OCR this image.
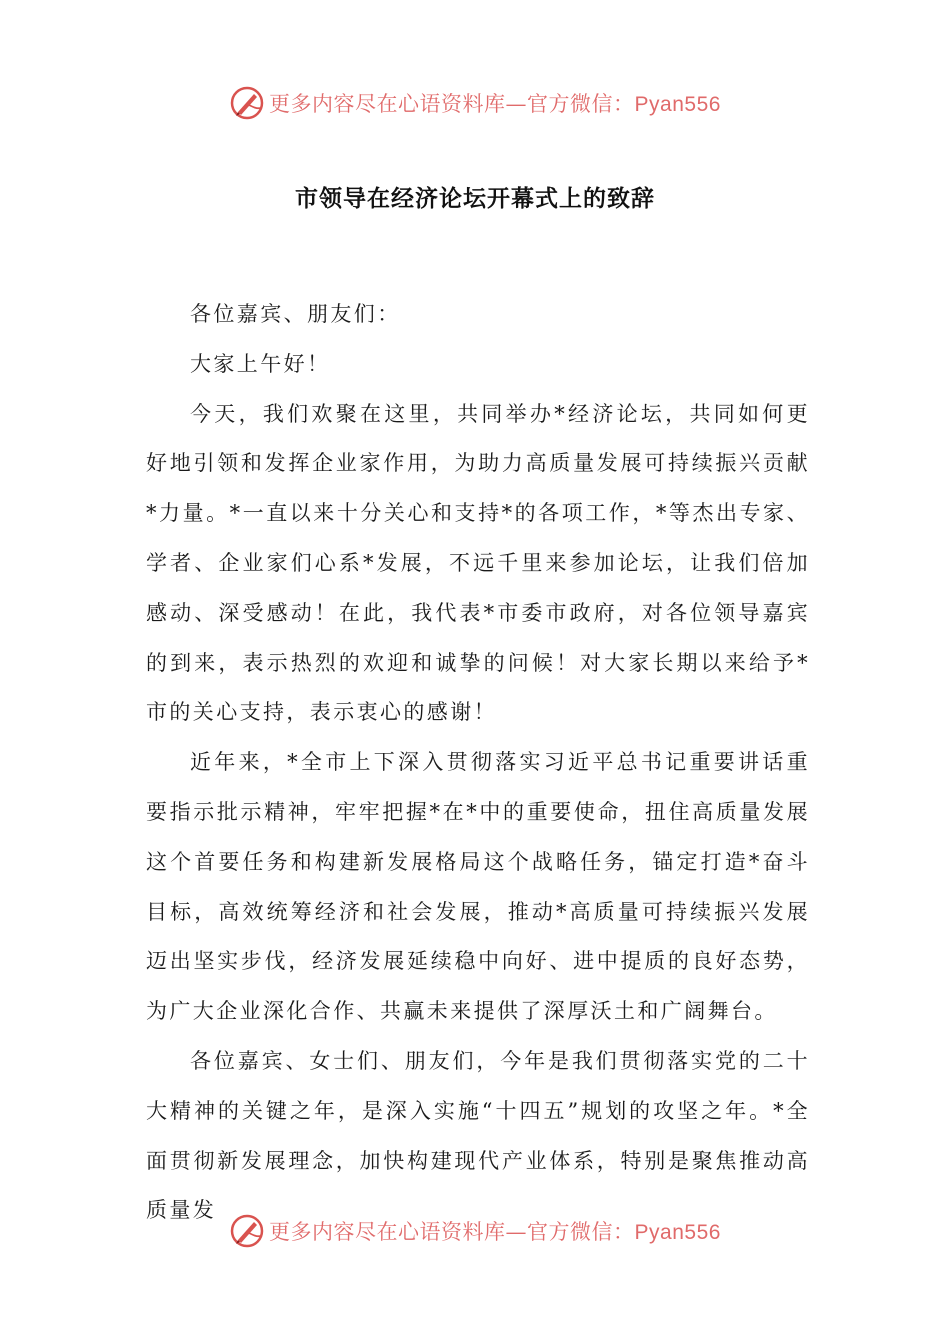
更多内容尽在心语资料库—官方微信：Pyan556
市领导在经济论坛开幕式上的致辞

各位嘉宾、朋友们：

大家上午好！

今天，我们欢聚在这里，共同举办*经济论坛，共同如何更好地引领和发挥企业家作用，为助力高质量发展可持续振兴贡献*力量。*一直以来十分关心和支持*的各项工作，*等杰出专家、学者、企业家们心系*发展，不远千里来参加论坛，让我们倍加感动、深受感动！在此，我代表*市委市政府，对各位领导嘉宾的到来，表示热烈的欢迎和诚挚的问候！对大家长期以来给予*市的关心支持，表示衷心的感谢！

近年来，*全市上下深入贯彻落实习近平总书记重要讲话重要指示批示精神，牢牢把握*在*中的重要使命，扭住高质量发展这个首要任务和构建新发展格局这个战略任务，锚定打造*奋斗目标，高效统筹经济和社会发展，推动*高质量可持续振兴发展迈出坚实步伐，经济发展延续稳中向好、进中提质的良好态势，为广大企业深化合作、共赢未来提供了深厚沃土和广阔舞台。

各位嘉宾、女士们、朋友们，今年是我们贯彻落实党的二十大精神的关键之年，是深入实施“十四五”规划的攻坚之年。*全面贯彻新发展理念，加快构建现代产业体系，特别是聚焦推动高质量发

更多内容尽在心语资料库—官方微信：Pyan556
